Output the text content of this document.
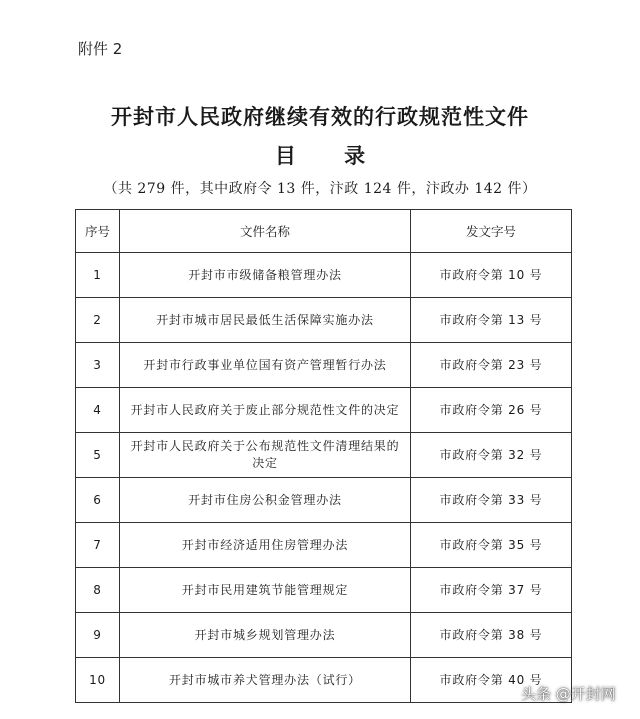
附件 2
开封市人民政府继续有效的行政规范性文件
目 录
（共 279 件，其中政府令 13 件，汴政 124 件，汴政办 142 件）
序号	文件名称	发文字号
1	开封市市级储备粮管理办法	市政府令第 10 号
2	开封市城市居民最低生活保障实施办法	市政府令第 13 号
3	开封市行政事业单位国有资产管理暂行办法	市政府令第 23 号
4	开封市人民政府关于废止部分规范性文件的决定	市政府令第 26 号
5	开封市人民政府关于公布规范性文件清理结果的决定	市政府令第 32 号
6	开封市住房公积金管理办法	市政府令第 33 号
7	开封市经济适用住房管理办法	市政府令第 35 号
8	开封市民用建筑节能管理规定	市政府令第 37 号
9	开封市城乡规划管理办法	市政府令第 38 号
10	开封市城市养犬管理办法（试行）	市政府令第 40 号
头条 @开封网
